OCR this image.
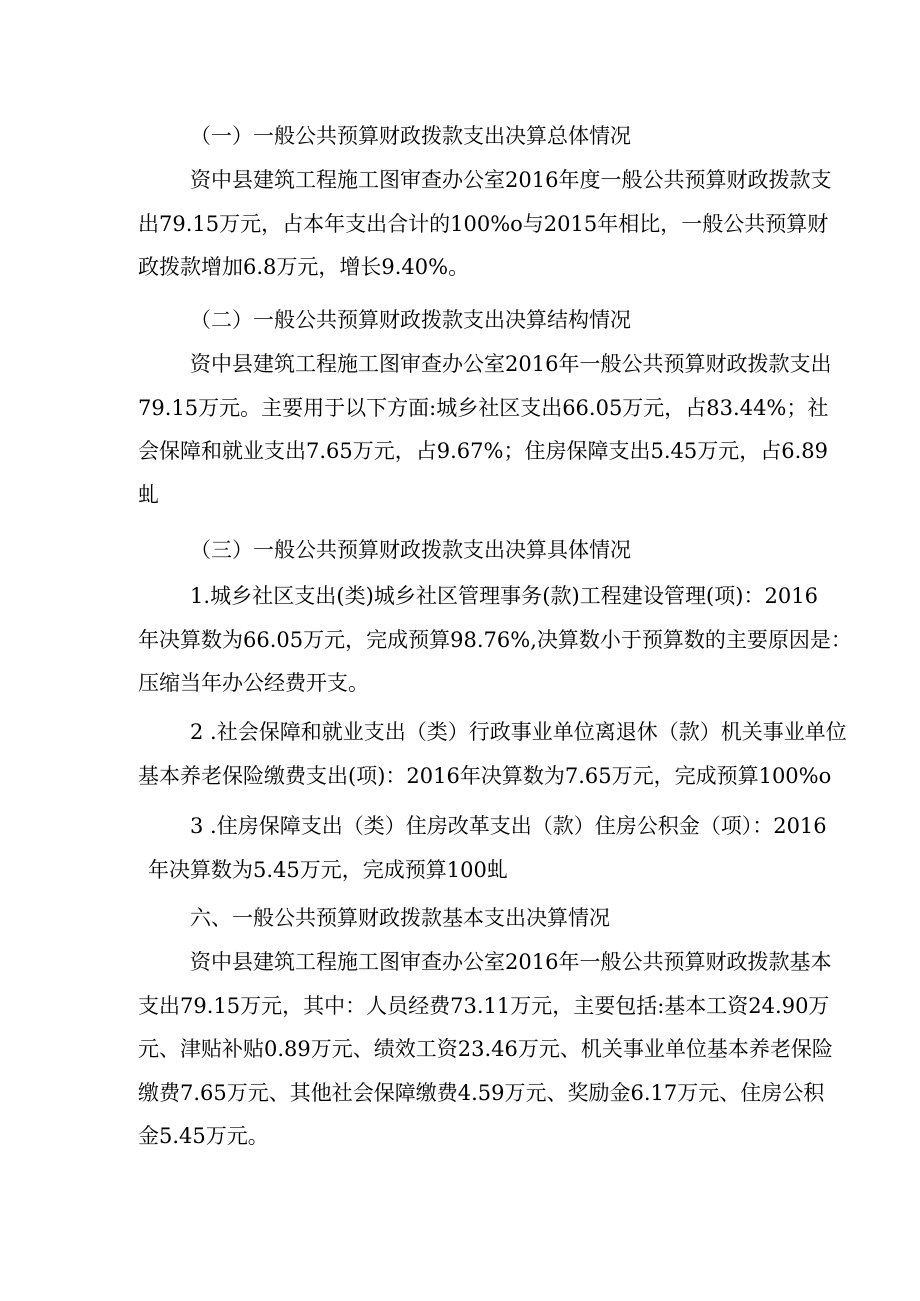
（一）一般公共预算财政拨款支出决算总体情况
资中县建筑工程施工图审查办公室2016年度一般公共预算财政拨款支
出79.15万元，占本年支出合计的100%o与2015年相比，一般公共预算财
政拨款增加6.8万元，增长9.40%。
（二）一般公共预算财政拨款支出决算结构情况
资中县建筑工程施工图审查办公室2016年一般公共预算财政拨款支出
79.15万元。主要用于以下方面:城乡社区支出66.05万元，占83.44%；社
会保障和就业支出7.65万元，占9.67%；住房保障支出5.45万元，占6.89
虬
（三）一般公共预算财政拨款支出决算具体情况
1.城乡社区支出(类)城乡社区管理事务(款)工程建设管理(项)：2016
年决算数为66.05万元，完成预算98.76%,决算数小于预算数的主要原因是：
压缩当年办公经费开支。
2 .社会保障和就业支出（类）行政事业单位离退休（款）机关事业单位
基本养老保险缴费支出(项)：2016年决算数为7.65万元，完成预算100%o
3 .住房保障支出（类）住房改革支出（款）住房公积金（项）：2016
年决算数为5.45万元，完成预算100虬
六、一般公共预算财政拨款基本支出决算情况
资中县建筑工程施工图审查办公室2016年一般公共预算财政拨款基本
支出79.15万元，其中：人员经费73.11万元，主要包括:基本工资24.90万
元、津贴补贴0.89万元、绩效工资23.46万元、机关事业单位基本养老保险
缴费7.65万元、其他社会保障缴费4.59万元、奖励金6.17万元、住房公积
金5.45万元。
